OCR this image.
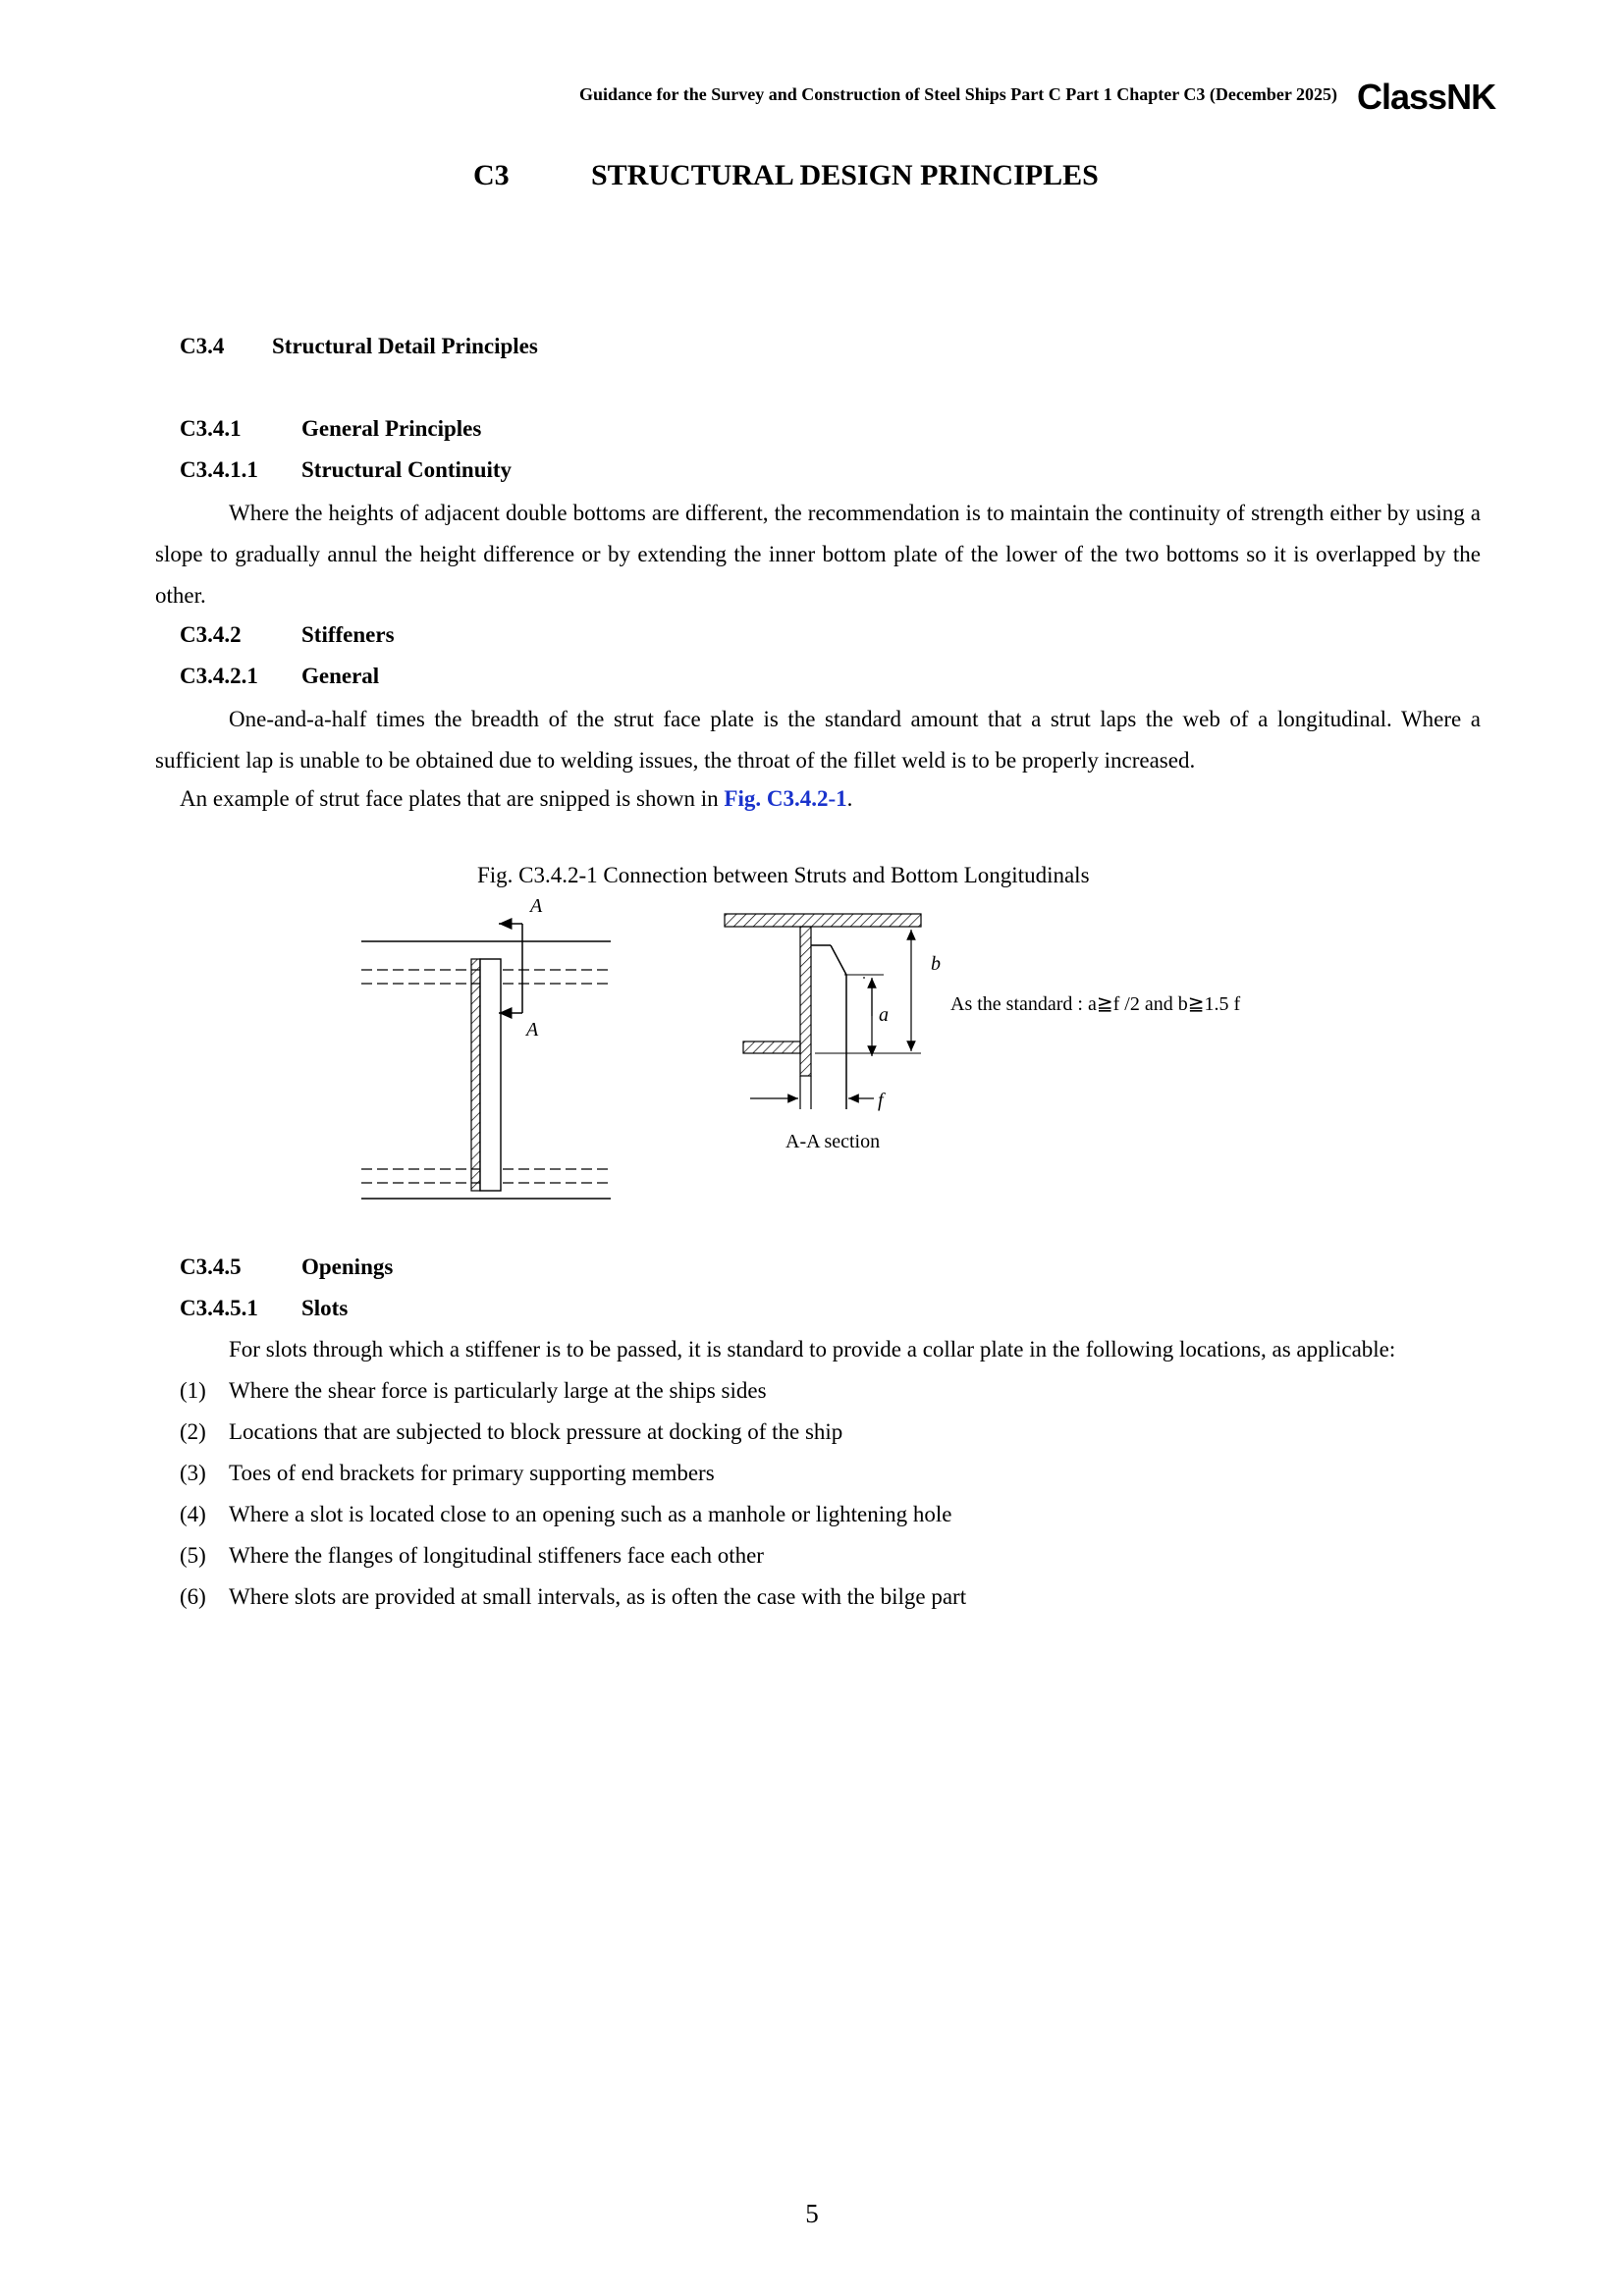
Guidance for the Survey and Construction of Steel Ships Part C Part 1 Chapter C3 (December 2025) ClassNK
C3	STRUCTURAL DESIGN PRINCIPLES
C3.4 Structural Detail Principles
C3.4.1	General Principles
C3.4.1.1 Structural Continuity

Where the heights of adjacent double bottoms are different, the recommendation is to maintain the continuity of strength either by using a slope to gradually annul the height difference or by extending the inner bottom plate of the lower of the two bottoms so it is overlapped by the other.

C3.4.2	Stiffeners
C3.4.2.1 General

One-and-a-half times the breadth of the strut face plate is the standard amount that a strut laps the web of a longitudinal. Where a sufficient lap is unable to be obtained due to welding issues, the throat of the fillet weld is to be properly increased.

An example of strut face plates that are snipped is shown in Fig. C3.4.2-1.
Fig. C3.4.2-1 Connection between Struts and Bottom Longitudinals
A
A
a
b
f
A-A section
As the standard : a≧f /2 and b≧1.5 f
C3.4.5	Openings
C3.4.5.1 Slots
For slots through which a stiffener is to be passed, it is standard to provide a collar plate in the following locations, as applicable:
(1) Where the shear force is particularly large at the ships sides
(2) Locations that are subjected to block pressure at docking of the ship
(3) Toes of end brackets for primary supporting members
(4) Where a slot is located close to an opening such as a manhole or lightening hole
(5) Where the flanges of longitudinal stiffeners face each other
(6) Where slots are provided at small intervals, as is often the case with the bilge part
5
